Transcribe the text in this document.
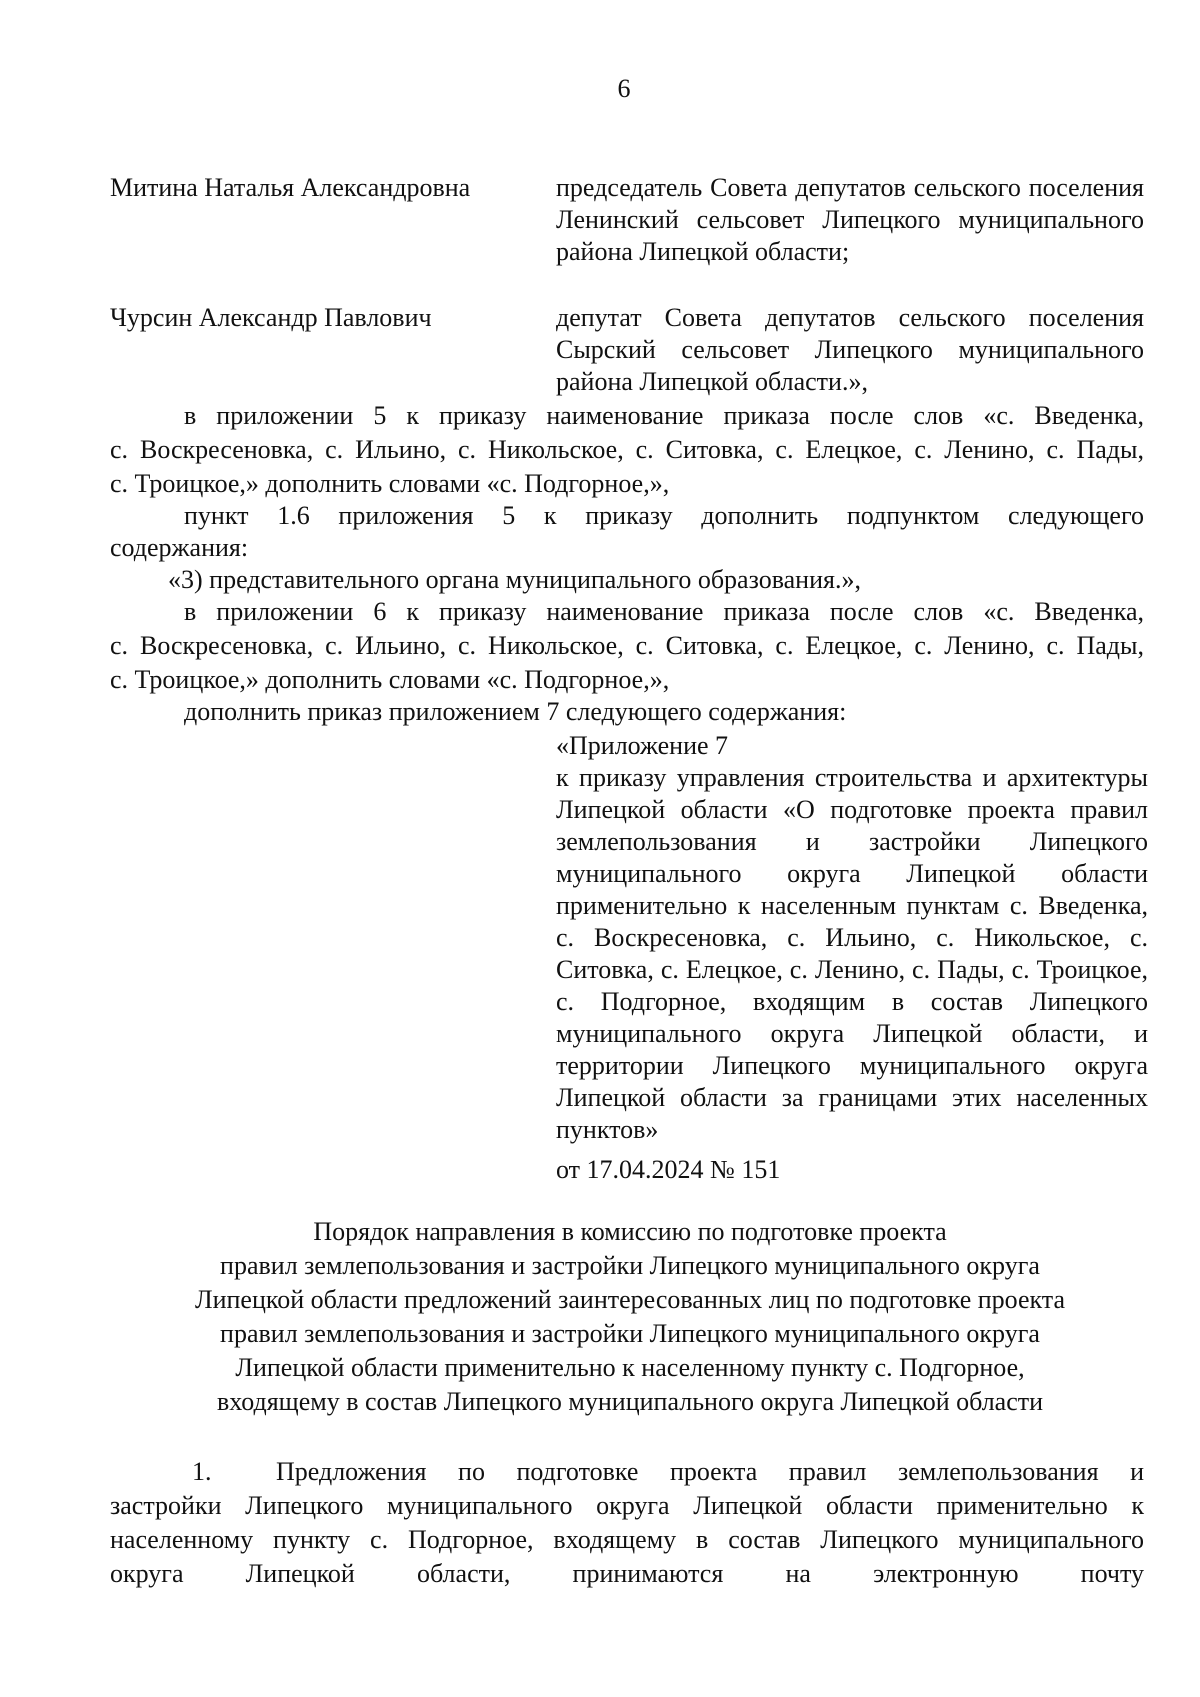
6
Митина Наталья Александровна	председатель Совета депутатов сельского поселения Ленинский сельсовет Липецкого муниципального района Липецкой области;
Чурсин Александр Павлович	депутат Совета депутатов сельского поселения Сырский сельсовет Липецкого муниципального района Липецкой области.»,
в приложении 5 к приказу наименование приказа после слов «с. Введенка,
с. Воскресеновка, с. Ильино, с. Никольское, с. Ситовка, с. Елецкое, с. Ленино, с. Пады,
с. Троицкое,» дополнить словами «с. Подгорное,»,
пункт 1.6 приложения 5 к приказу дополнить подпунктом следующего
содержания:
«3) представительного органа муниципального образования.»,
в приложении 6 к приказу наименование приказа после слов «с. Введенка,
с. Воскресеновка, с. Ильино, с. Никольское, с. Ситовка, с. Елецкое, с. Ленино, с. Пады,
с. Троицкое,» дополнить словами «с. Подгорное,»,
дополнить приказ приложением 7 следующего содержания:
«Приложение 7
к приказу управления строительства и архитектуры Липецкой области «О подготовке проекта правил землепользования и застройки Липецкого муниципального округа Липецкой области применительно к населенным пунктам с. Введенка, с. Воскресеновка, с. Ильино, с. Никольское, с. Ситовка, с. Елецкое, с. Ленино, с. Пады, с. Троицкое, с. Подгорное, входящим в состав Липецкого муниципального округа Липецкой области, и территории Липецкого муниципального округа Липецкой области за границами этих населенных пунктов»
от 17.04.2024 № 151
Порядок направления в комиссию по подготовке проекта
правил землепользования и застройки Липецкого муниципального округа
Липецкой области предложений заинтересованных лиц по подготовке проекта
правил землепользования и застройки Липецкого муниципального округа
Липецкой области применительно к населенному пункту с. Подгорное,
входящему в состав Липецкого муниципального округа Липецкой области
1. Предложения по подготовке проекта правил землепользования и
застройки Липецкого муниципального округа Липецкой области применительно к
населенному пункту с. Подгорное, входящему в состав Липецкого муниципального
округа Липецкой области, принимаются на электронную почту
